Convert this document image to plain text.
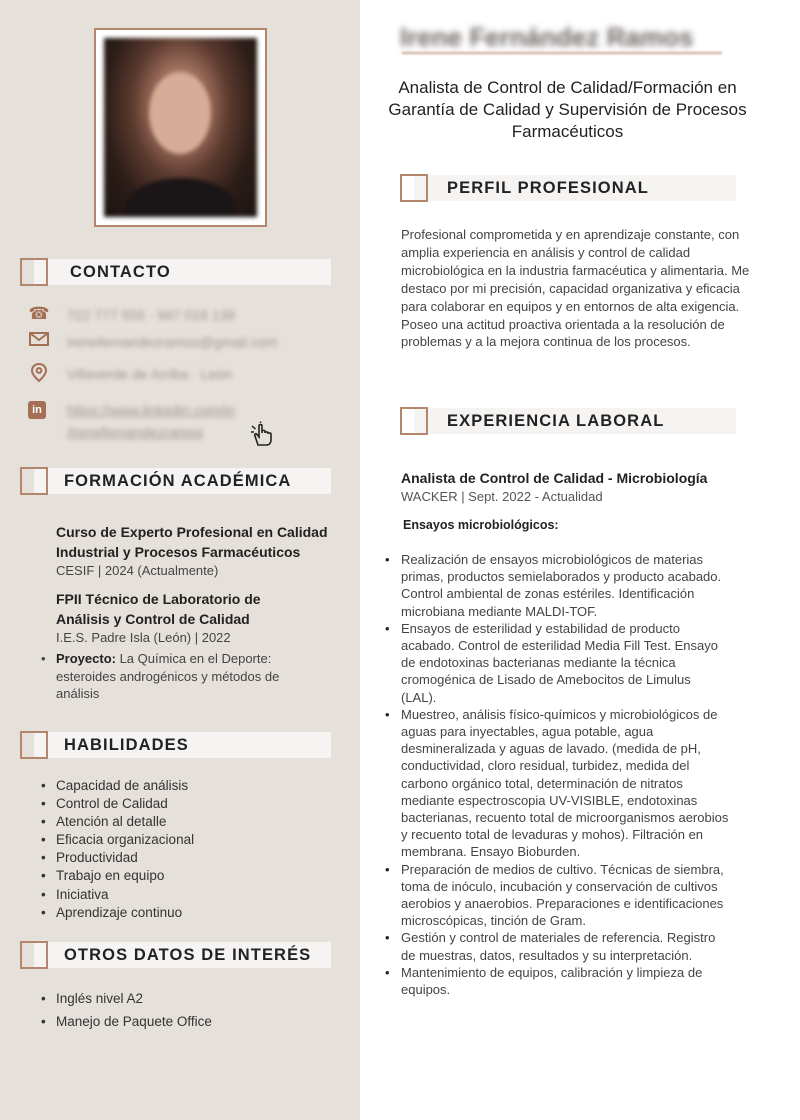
CONTACTO
☎ 722 777 555 · 987 018 138
irenefernandezramos@gmail.com
Villaverde de Arriba · León
in https://www.linkedin.com/in
/irenefernandezramos
FORMACIÓN ACADÉMICA
Curso de Experto Profesional en Calidad Industrial y Procesos Farmacéuticos
CESIF | 2024 (Actualmente)
FPII Técnico de Laboratorio de Análisis y Control de Calidad
I.E.S. Padre Isla (León) | 2022
• Proyecto: La Química en el Deporte: esteroides androgénicos y métodos de análisis
HABILIDADES
• Capacidad de análisis
• Control de Calidad
• Atención al detalle
• Eficacia organizacional
• Productividad
• Trabajo en equipo
• Iniciativa
• Aprendizaje continuo
OTROS DATOS DE INTERÉS
• Inglés nivel A2
• Manejo de Paquete Office
Irene Fernández Ramos
Analista de Control de Calidad/Formación en Garantía de Calidad y Supervisión de Procesos Farmacéuticos
PERFIL PROFESIONAL
Profesional comprometida y en aprendizaje constante, con amplia experiencia en análisis y control de calidad microbiológica en la industria farmacéutica y alimentaria. Me destaco por mi precisión, capacidad organizativa y eficacia para colaborar en equipos y en entornos de alta exigencia. Poseo una actitud proactiva orientada a la resolución de problemas y a la mejora continua de los procesos.
EXPERIENCIA LABORAL
Analista de Control de Calidad - Microbiología
WACKER | Sept. 2022 - Actualidad
Ensayos microbiológicos:
• Realización de ensayos microbiológicos de materias primas, productos semielaborados y producto acabado. Control ambiental de zonas estériles. Identificación microbiana mediante MALDI-TOF.
• Ensayos de esterilidad y estabilidad de producto acabado. Control de esterilidad Media Fill Test. Ensayo de endotoxinas bacterianas mediante la técnica cromogénica de Lisado de Amebocitos de Limulus (LAL).
• Muestreo, análisis físico-químicos y microbiológicos de aguas para inyectables, agua potable, agua desmineralizada y aguas de lavado. (medida de pH, conductividad, cloro residual, turbidez, medida del carbono orgánico total, determinación de nitratos mediante espectroscopia UV-VISIBLE, endotoxinas bacterianas, recuento total de microorganismos aerobios y recuento total de levaduras y mohos). Filtración en membrana. Ensayo Bioburden.
• Preparación de medios de cultivo. Técnicas de siembra, toma de inóculo, incubación y conservación de cultivos aerobios y anaerobios. Preparaciones e identificaciones microscópicas, tinción de Gram.
• Gestión y control de materiales de referencia. Registro de muestras, datos, resultados y su interpretación.
• Mantenimiento de equipos, calibración y limpieza de equipos.
